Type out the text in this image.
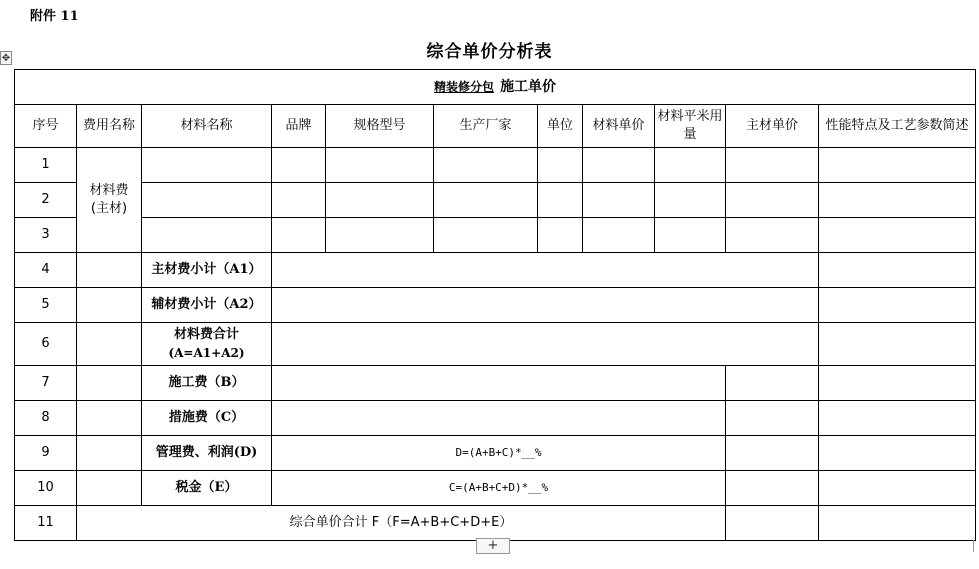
附件 11
综合单价分析表
✥
精装修分包 施工单价										
序号	费用名称	材料名称	品牌	规格型号	生产厂家	单位	材料单价	材料平米用量	主材单价	性能特点及工艺参数简述
1	材料费(主材)									
2										
3										
4		主材费小计（A1）								
5		辅材费小计（A2）								
6		材料费合计
(A=A1+A2)								

7		施工费（B）								
8		措施费（C）								
9		管理费、利润(D)	D=(A+B+C)*__%							
10		税金（E）	C=(A+B+C+D)*__%							
11	综合单价合计 F（F=A+B+C+D+E）									
+
